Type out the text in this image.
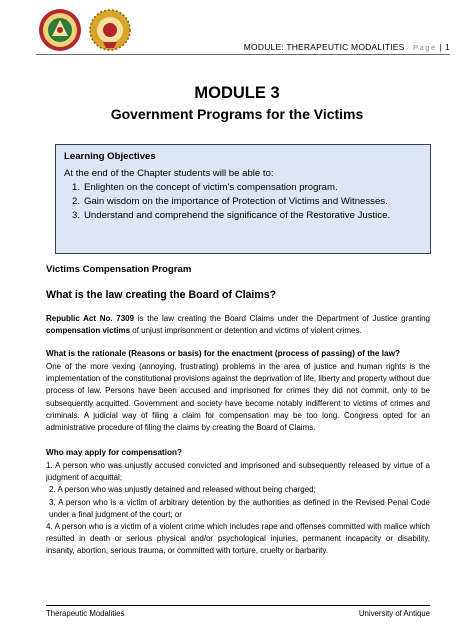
MODULE: THERAPEUTIC MODALITIES Page | 1
MODULE 3
Government Programs for the Victims
Learning Objectives
At the end of the Chapter students will be able to:
1. Enlighten on the concept of victim’s compensation program.
2. Gain wisdom on the importance of Protection of Victims and Witnesses.
3. Understand and comprehend the significance of the Restorative Justice.
Victims Compensation Program
What is the law creating the Board of Claims?
Republic Act No. 7309 is the law creating the Board Claims under the Department of Justice granting compensation victims of unjust imprisonment or detention and victims of violent crimes.
What is the rationale (Reasons or basis) for the enactment (process of passing) of the law?
One of the more vexing (annoying, frustrating) problems in the area of justice and human rights is the implementation of the constitutional provisions against the deprivation of life, liberty and property without due process of law. Persons have been accused and imprisoned for crimes they did not commit, only to be subsequently acquitted. Government and society have become notably indifferent to victims of crimes and criminals. A judicial way of filing a claim for compensation may be too long. Congress opted for an administrative procedure of filing the claims by creating the Board of Claims.
Who may apply for compensation?
1. A person who was unjustly accused convicted and imprisoned and subsequently released by virtue of a judgment of acquittal;
2. A person who was unjustly detained and released without being charged;
3. A person who is a victim of arbitrary detention by the authorities as defined in the Revised Penal Code under a final judgment of the court; or
4. A person who is a victim of a violent crime which includes rape and offenses committed with malice which resulted in death or serious physical and/or psychological injuries, permanent incapacity or disability, insanity, abortion, serious trauma, or committed with torture, cruelty or barbarity.
Therapeutic Modalities	University of Antique
